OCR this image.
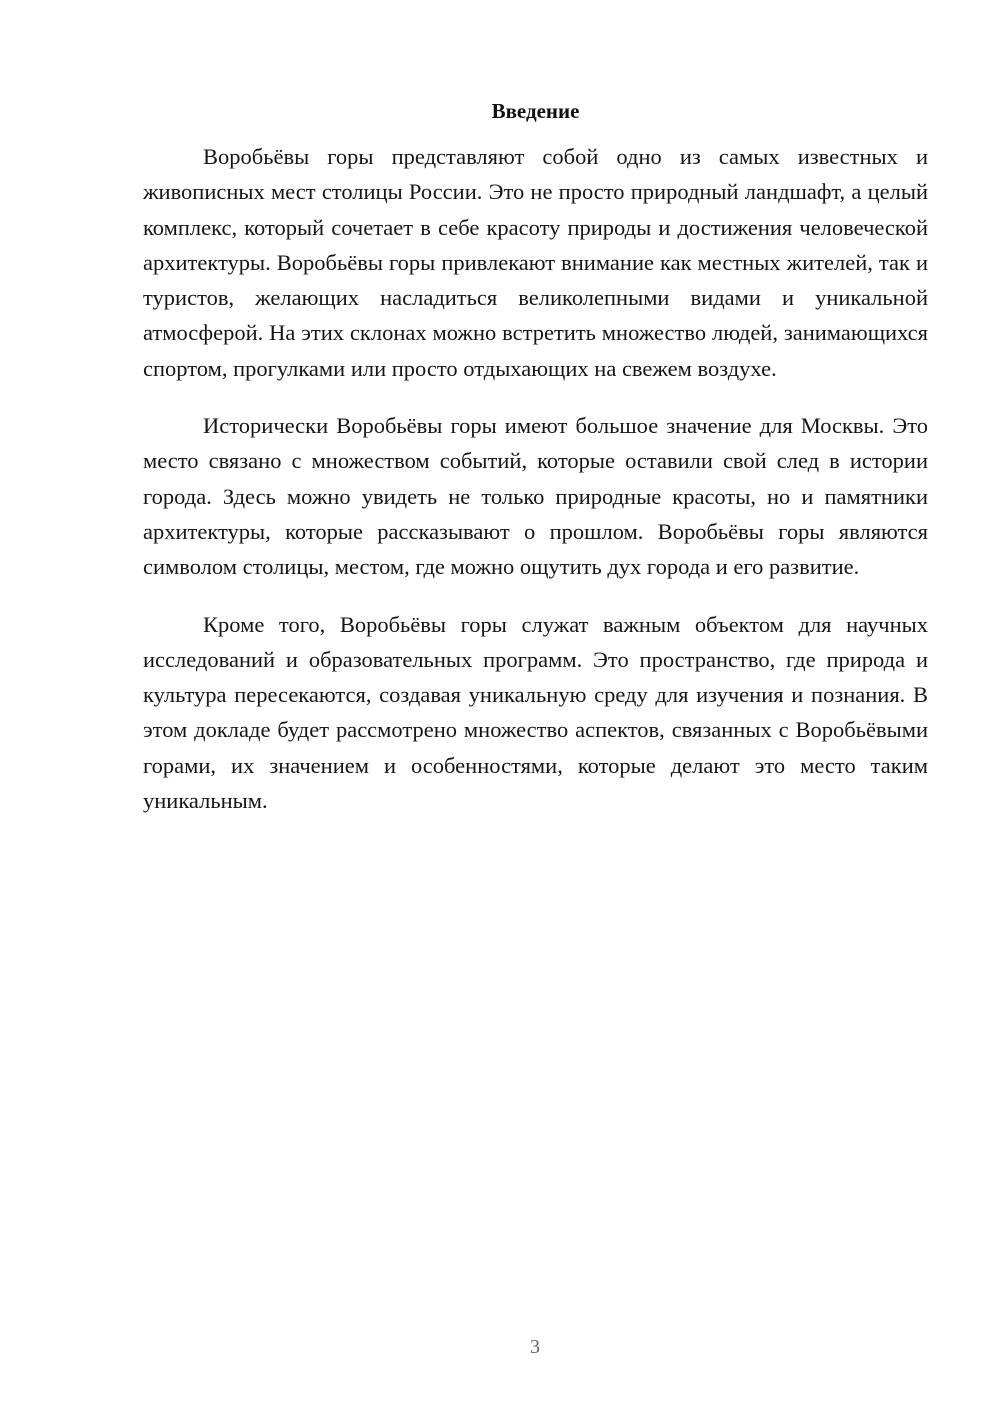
Введение

Воробьёвы горы представляют собой одно из самых известных и живописных мест столицы России. Это не просто природный ландшафт, а целый комплекс, который сочетает в себе красоту природы и достижения человеческой архитектуры. Воробьёвы горы привлекают внимание как местных жителей, так и туристов, желающих насладиться великолепными видами и уникальной атмосферой. На этих склонах можно встретить множество людей, занимающихся спортом, прогулками или просто отдыхающих на свежем воздухе.

Исторически Воробьёвы горы имеют большое значение для Москвы. Это место связано с множеством событий, которые оставили свой след в истории города. Здесь можно увидеть не только природные красоты, но и памятники архитектуры, которые рассказывают о прошлом. Воробьёвы горы являются символом столицы, местом, где можно ощутить дух города и его развитие.

Кроме того, Воробьёвы горы служат важным объектом для научных исследований и образовательных программ. Это пространство, где природа и культура пересекаются, создавая уникальную среду для изучения и познания. В этом докладе будет рассмотрено множество аспектов, связанных с Воробьёвыми горами, их значением и особенностями, которые делают это место таким уникальным.

3
